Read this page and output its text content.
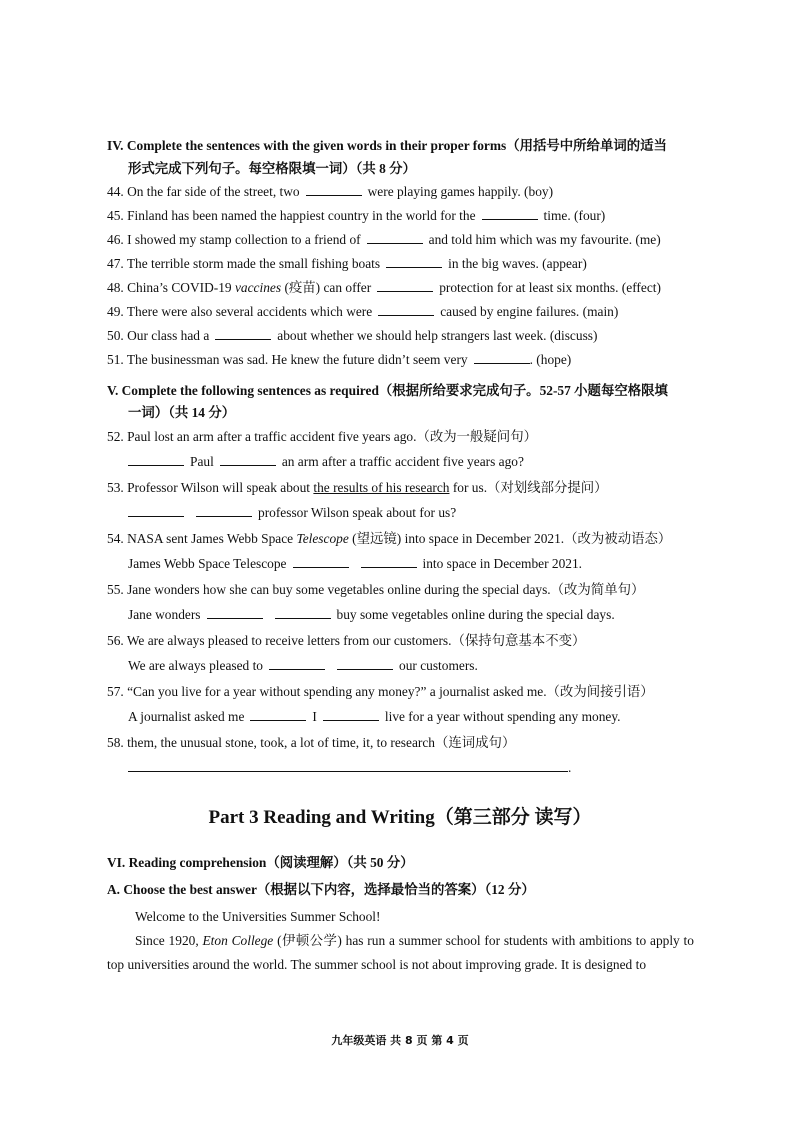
IV. Complete the sentences with the given words in their proper forms（用括号中所给单词的适当
形式完成下列句子。每空格限填一词）（共 8 分）
44. On the far side of the street, two	were playing games happily. (boy)
45. Finland has been named the happiest country in the world for the	time. (four)
46. I showed my stamp collection to a friend of	and told him which was my favourite. (me)
47. The terrible storm made the small fishing boats	in the big waves. (appear)
48. China’s COVID-19 vaccines (疫苗) can offer	protection for at least six months. (effect)
49. There were also several accidents which were	caused by engine failures. (main)
50. Our class had a	about whether we should help strangers last week. (discuss)
51. The businessman was sad. He knew the future didn’t seem very	. (hope)
V. Complete the following sentences as required（根据所给要求完成句子。52-57 小题每空格限填
一词）（共 14 分）
52. Paul lost an arm after a traffic accident five years ago.（改为一般疑问句）
Paul	an arm after a traffic accident five years ago?
53. Professor Wilson will speak about the results of his research for us.（对划线部分提问）
professor Wilson speak about for us?
54. NASA sent James Webb Space Telescope (望远镜) into space in December 2021.（改为被动语态）
James Webb Space Telescope	into space in December 2021.
55. Jane wonders how she can buy some vegetables online during the special days.（改为简单句）
Jane wonders	buy some vegetables online during the special days.
56. We are always pleased to receive letters from our customers.（保持句意基本不变）
We are always pleased to	our customers.
57. “Can you live for a year without spending any money?” a journalist asked me.（改为间接引语）
A journalist asked me	I	live for a year without spending any money.
58. them, the unusual stone, took, a lot of time, it, to research（连词成句）
.
Part 3 Reading and Writing（第三部分 读写）
VI. Reading comprehension（阅读理解）（共 50 分）
A. Choose the best answer（根据以下内容，选择最恰当的答案）（12 分）
Welcome to the Universities Summer School!
Since 1920, Eton College (伊顿公学) has run a summer school for students with ambitions to apply to top universities around the world. The summer school is not about improving grade. It is designed to
九年级英语 共 8 页 第 4 页
